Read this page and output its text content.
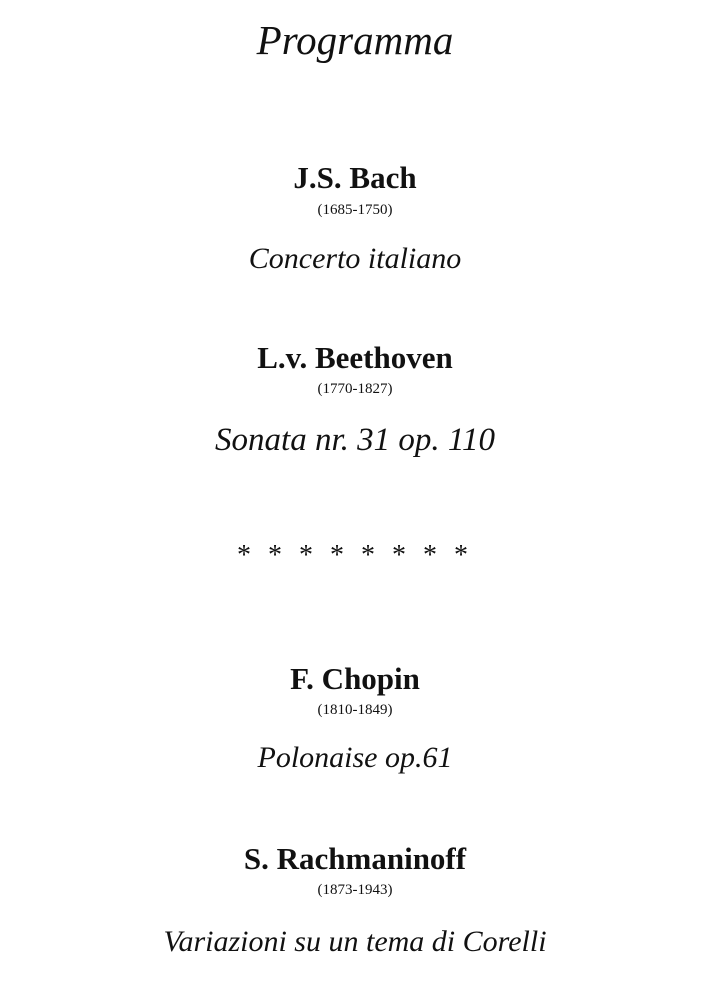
Programma
J.S. Bach
(1685-1750)
Concerto italiano
L.v. Beethoven
(1770-1827)
Sonata nr. 31 op. 110
* * * * * * * *
F. Chopin
(1810-1849)
Polonaise op.61
S. Rachmaninoff
(1873-1943)
Variazioni su un tema di Corelli
